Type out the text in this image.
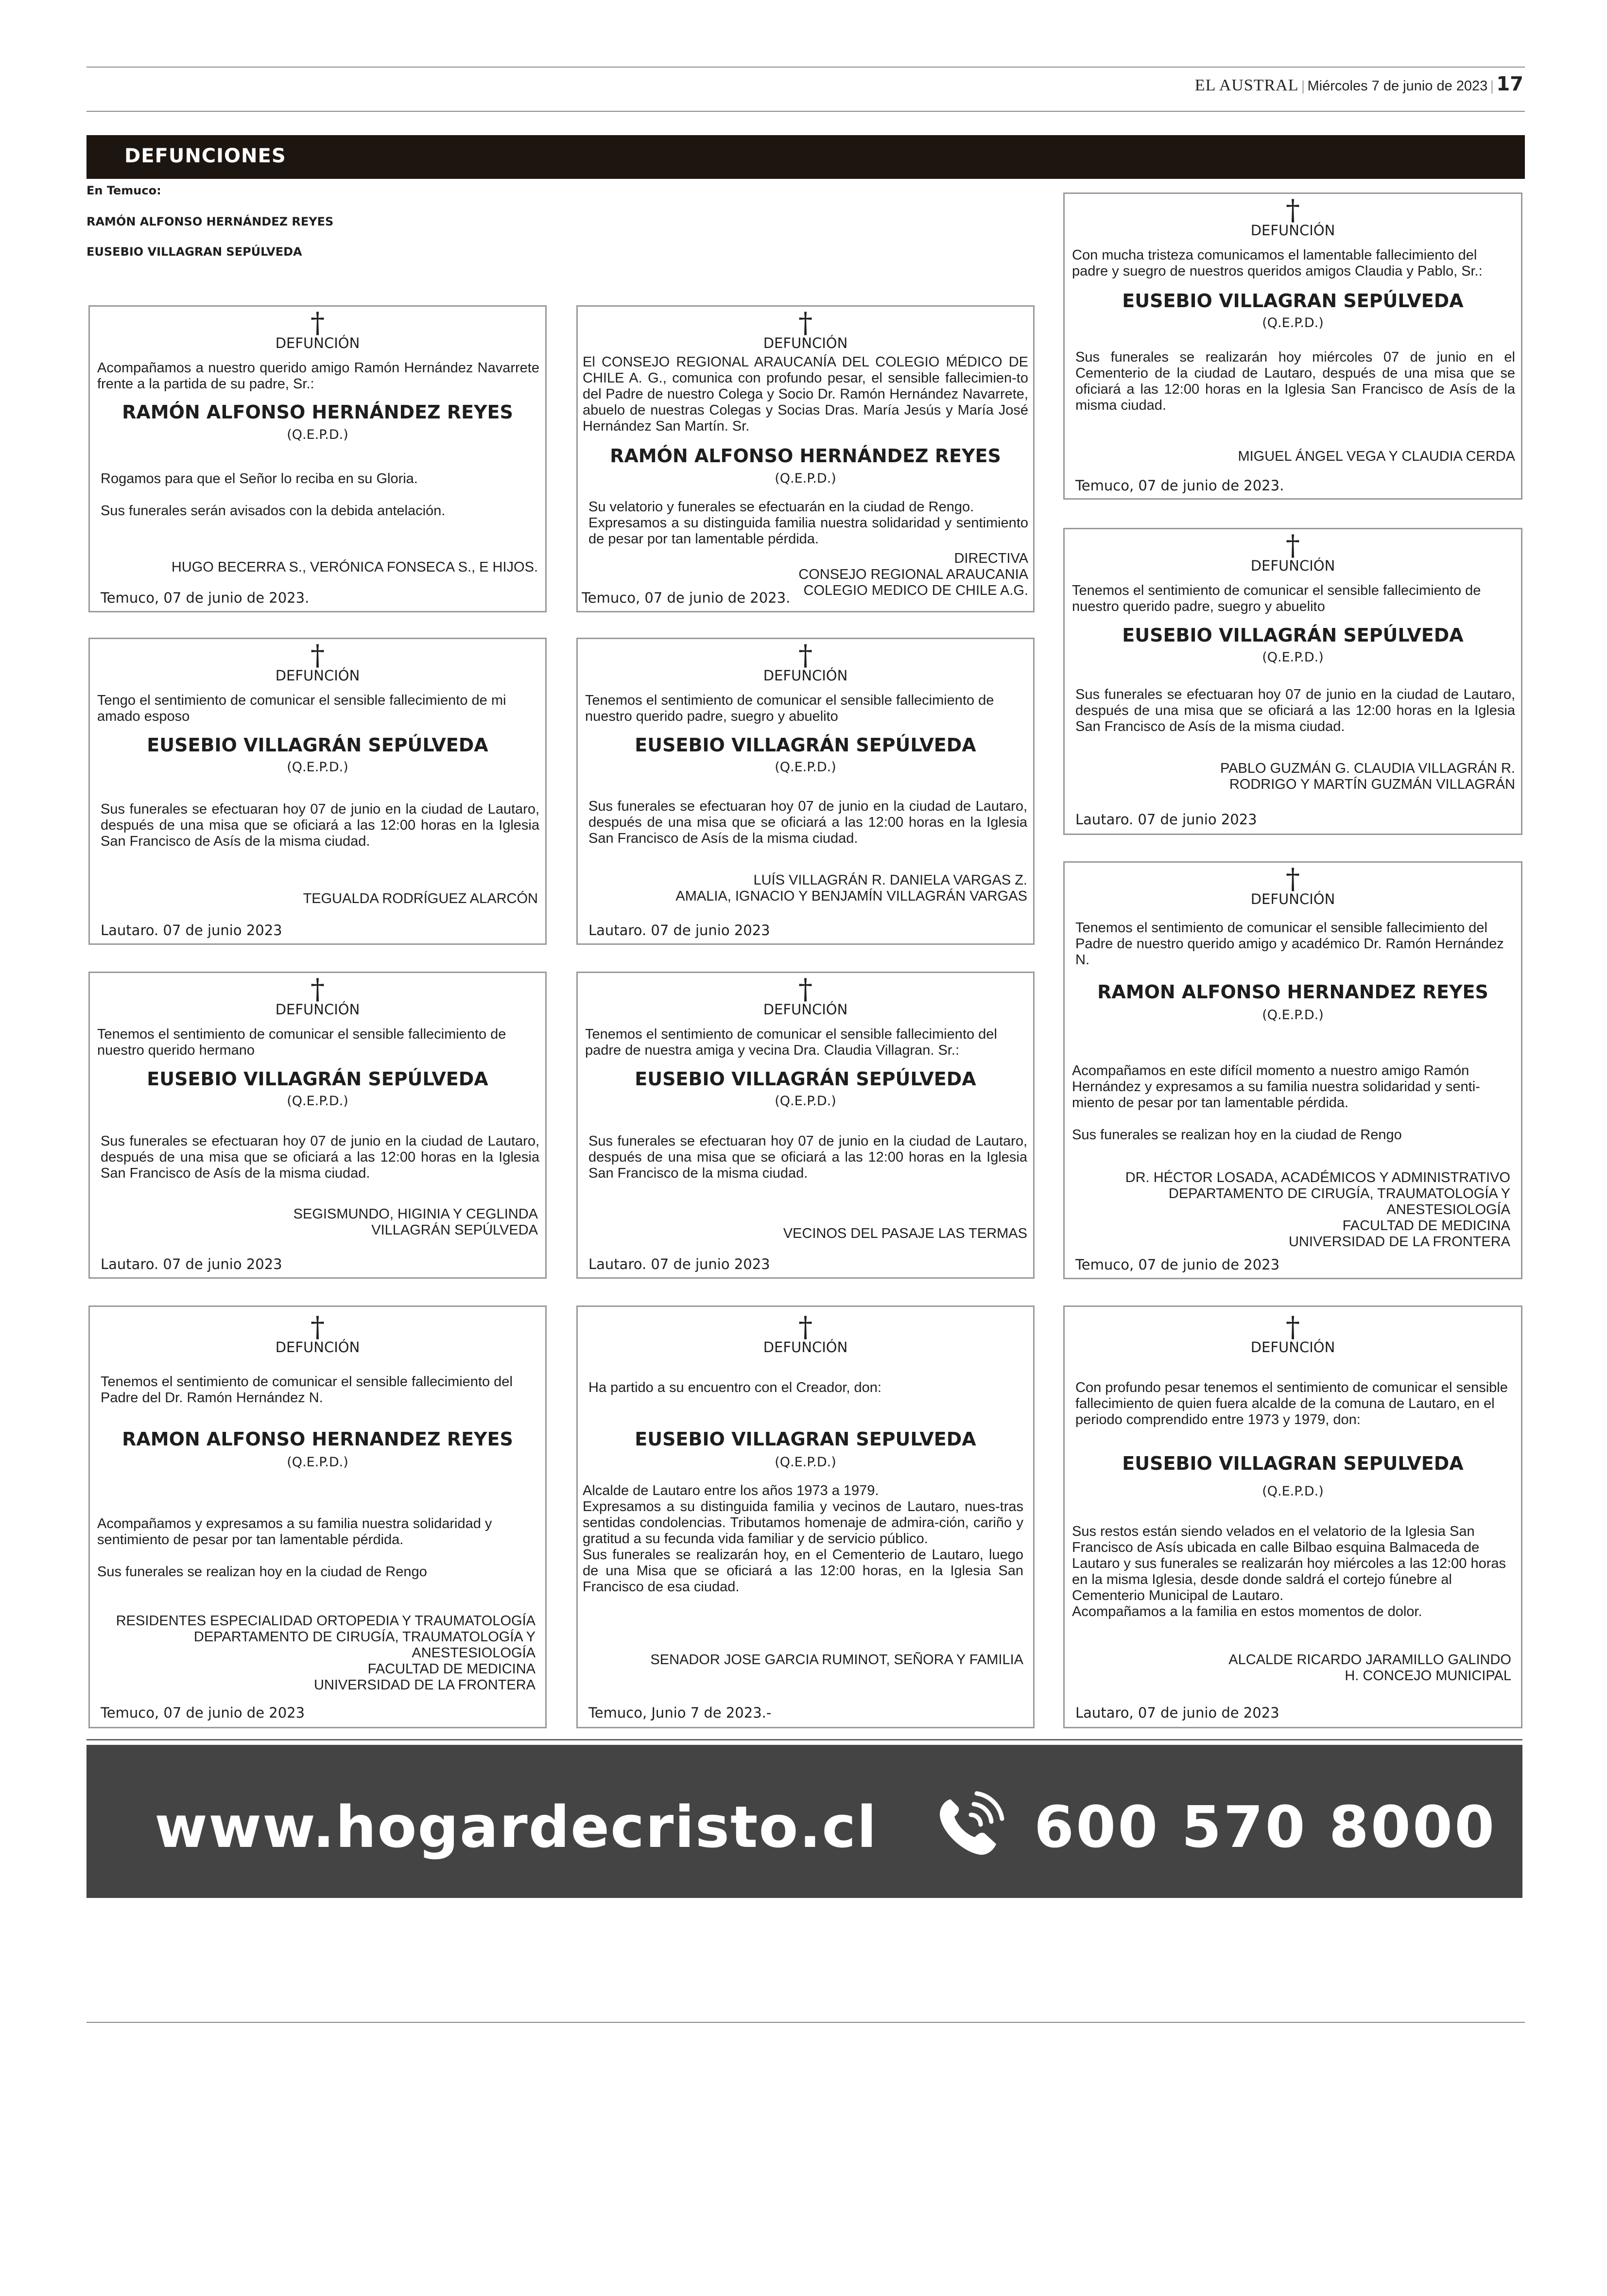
EL AUSTRAL | Miércoles 7 de junio de 2023 | 17
DEFUNCIONES
En Temuco:
RAMÓN ALFONSO HERNÁNDEZ REYES
EUSEBIO VILLAGRAN SEPÚLVEDA
†
DEFUNCIÓN
Acompañamos a nuestro querido amigo Ramón Hernández Navarrete frente a la partida de su padre, Sr.:
RAMÓN ALFONSO HERNÁNDEZ REYES
(Q.E.P.D.)
Rogamos para que el Señor lo reciba en su Gloria.

Sus funerales serán avisados con la debida antelación.
HUGO BECERRA S., VERÓNICA FONSECA S., E HIJOS.
Temuco, 07 de junio de 2023.
†
DEFUNCIÓN
El CONSEJO REGIONAL ARAUCANÍA DEL COLEGIO MÉDICO DE CHILE A. G., comunica con profundo pesar, el sensible fallecimien-to del Padre de nuestro Colega y Socio Dr. Ramón Hernández Navarrete, abuelo de nuestras Colegas y Socias Dras. María Jesús y María José Hernández San Martín. Sr.
RAMÓN ALFONSO HERNÁNDEZ REYES
(Q.E.P.D.)
Su velatorio y funerales se efectuarán en la ciudad de Rengo.
Expresamos a su distinguida familia nuestra solidaridad y sentimiento de pesar por tan lamentable pérdida.
DIRECTIVA
CONSEJO REGIONAL ARAUCANIA
COLEGIO MEDICO DE CHILE A.G.
Temuco, 07 de junio de 2023.
†
DEFUNCIÓN
Con mucha tristeza comunicamos el lamentable fallecimiento del padre y suegro de nuestros queridos amigos Claudia y Pablo, Sr.:
EUSEBIO VILLAGRAN SEPÚLVEDA
(Q.E.P.D.)
Sus funerales se realizarán hoy miércoles 07 de junio en el Cementerio de la ciudad de Lautaro, después de una misa que se oficiará a las 12:00 horas en la Iglesia San Francisco de Asís de la misma ciudad.
MIGUEL ÁNGEL VEGA Y CLAUDIA CERDA
Temuco, 07 de junio de 2023.
†
DEFUNCIÓN
Tengo el sentimiento de comunicar el sensible fallecimiento de mi amado esposo
EUSEBIO VILLAGRÁN SEPÚLVEDA
(Q.E.P.D.)
Sus funerales se efectuaran hoy 07 de junio en la ciudad de Lautaro, después de una misa que se oficiará a las 12:00 horas en la Iglesia San Francisco de Asís de la misma ciudad.
TEGUALDA RODRÍGUEZ ALARCÓN
Lautaro. 07 de junio 2023
†
DEFUNCIÓN
Tenemos el sentimiento de comunicar el sensible fallecimiento de nuestro querido padre, suegro y abuelito
EUSEBIO VILLAGRÁN SEPÚLVEDA
(Q.E.P.D.)
Sus funerales se efectuaran hoy 07 de junio en la ciudad de Lautaro, después de una misa que se oficiará a las 12:00 horas en la Iglesia San Francisco de Asís de la misma ciudad.
LUÍS VILLAGRÁN R. DANIELA VARGAS Z.
AMALIA, IGNACIO Y BENJAMÍN VILLAGRÁN VARGAS
Lautaro. 07 de junio 2023
†
DEFUNCIÓN
Tenemos el sentimiento de comunicar el sensible fallecimiento de nuestro querido padre, suegro y abuelito
EUSEBIO VILLAGRÁN SEPÚLVEDA
(Q.E.P.D.)
Sus funerales se efectuaran hoy 07 de junio en la ciudad de Lautaro, después de una misa que se oficiará a las 12:00 horas en la Iglesia San Francisco de Asís de la misma ciudad.
PABLO GUZMÁN G. CLAUDIA VILLAGRÁN R.
RODRIGO Y MARTÍN GUZMÁN VILLAGRÁN
Lautaro. 07 de junio 2023
†
DEFUNCIÓN
Tenemos el sentimiento de comunicar el sensible fallecimiento de nuestro querido hermano
EUSEBIO VILLAGRÁN SEPÚLVEDA
(Q.E.P.D.)
Sus funerales se efectuaran hoy 07 de junio en la ciudad de Lautaro, después de una misa que se oficiará a las 12:00 horas en la Iglesia San Francisco de Asís de la misma ciudad.
SEGISMUNDO, HIGINIA Y CEGLINDA
VILLAGRÁN SEPÚLVEDA
Lautaro. 07 de junio 2023
†
DEFUNCIÓN
Tenemos el sentimiento de comunicar el sensible fallecimiento del padre de nuestra amiga y vecina Dra. Claudia Villagran. Sr.:
EUSEBIO VILLAGRÁN SEPÚLVEDA
(Q.E.P.D.)
Sus funerales se efectuaran hoy 07 de junio en la ciudad de Lautaro, después de una misa que se oficiará a las 12:00 horas en la Iglesia San Francisco de la misma ciudad.
VECINOS DEL PASAJE LAS TERMAS
Lautaro. 07 de junio 2023
†
DEFUNCIÓN
Tenemos el sentimiento de comunicar el sensible fallecimiento del Padre de nuestro querido amigo y académico Dr. Ramón Hernández N.
RAMON ALFONSO HERNANDEZ REYES
(Q.E.P.D.)
Acompañamos en este difícil momento a nuestro amigo Ramón Hernández y expresamos a su familia nuestra solidaridad y senti-miento de pesar por tan lamentable pérdida.

Sus funerales se realizan hoy en la ciudad de Rengo
DR. HÉCTOR LOSADA, ACADÉMICOS Y ADMINISTRATIVO
DEPARTAMENTO DE CIRUGÍA, TRAUMATOLOGÍA Y ANESTESIOLOGÍA
FACULTAD DE MEDICINA
UNIVERSIDAD DE LA FRONTERA
Temuco, 07 de junio de 2023
†
DEFUNCIÓN
Tenemos el sentimiento de comunicar el sensible fallecimiento del Padre del Dr. Ramón Hernández N.
RAMON ALFONSO HERNANDEZ REYES
(Q.E.P.D.)
Acompañamos y expresamos a su familia nuestra solidaridad y sentimiento de pesar por tan lamentable pérdida.

Sus funerales se realizan hoy en la ciudad de Rengo
RESIDENTES ESPECIALIDAD ORTOPEDIA Y TRAUMATOLOGÍA
DEPARTAMENTO DE CIRUGÍA, TRAUMATOLOGÍA Y ANESTESIOLOGÍA
FACULTAD DE MEDICINA
UNIVERSIDAD DE LA FRONTERA
Temuco, 07 de junio de 2023
†
DEFUNCIÓN
Ha partido a su encuentro con el Creador, don:
EUSEBIO VILLAGRAN SEPULVEDA
(Q.E.P.D.)
Alcalde de Lautaro entre los años 1973 a 1979.
Expresamos a su distinguida familia y vecinos de Lautaro, nues-tras sentidas condolencias. Tributamos homenaje de admira-ción, cariño y gratitud a su fecunda vida familiar y de servicio público.
Sus funerales se realizarán hoy, en el Cementerio de Lautaro, luego de una Misa que se oficiará a las 12:00 horas, en la Iglesia San Francisco de esa ciudad.
SENADOR JOSE GARCIA RUMINOT, SEÑORA Y FAMILIA
Temuco, Junio 7 de 2023.-
†
DEFUNCIÓN
Con profundo pesar tenemos el sentimiento de comunicar el sensible fallecimiento de quien fuera alcalde de la comuna de Lautaro, en el periodo comprendido entre 1973 y 1979, don:
EUSEBIO VILLAGRAN SEPULVEDA
(Q.E.P.D.)
Sus restos están siendo velados en el velatorio de la Iglesia San Francisco de Asís ubicada en calle Bilbao esquina Balmaceda de Lautaro y sus funerales se realizarán hoy miércoles a las 12:00 horas en la misma Iglesia, desde donde saldrá el cortejo fúnebre al Cementerio Municipal de Lautaro.
Acompañamos a la familia en estos momentos de dolor.
ALCALDE RICARDO JARAMILLO GALINDO
H. CONCEJO MUNICIPAL
Lautaro, 07 de junio de 2023
www.hogardecristo.cl	600 570 8000
